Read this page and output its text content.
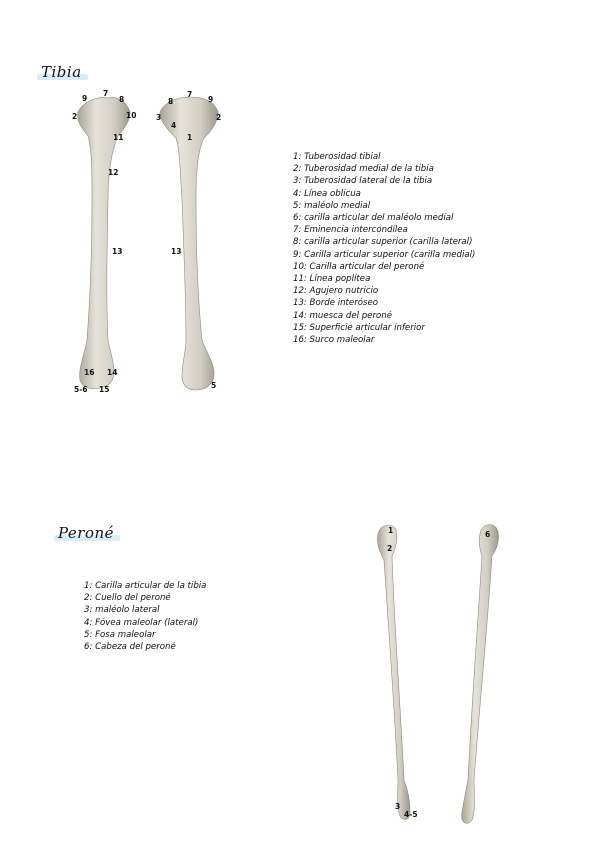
Tibia
Peroné
1: Tuberosidad tibial
2: Tuberosidad medial de la tibia
3: Tuberosidad lateral de la tibia
4: Línea oblicua
5: maléolo medial
6: carilla articular del maléolo medial
7: Eminencia intercondílea
8: carilla articular superior (carilla lateral)
9: Carilla articular superior (carilla medial)
10: Carilla articular del peroné
11: Línea poplítea
12: Agujero nutricio
13: Borde interóseo
14: muesca del peroné
15: Superficie articular inferior
16: Surco maleolar
1: Carilla articular de la tibia
2: Cuello del peroné
3: maléolo lateral
4: Fóvea maleolar (lateral)
5: Fosa maleolar
6: Cabeza del peroné
9
7
8
2	10
11
12
13
16 14
5-6 15
8
7
9
3
4
1
2
13
5
1
2
3
4-5
6
